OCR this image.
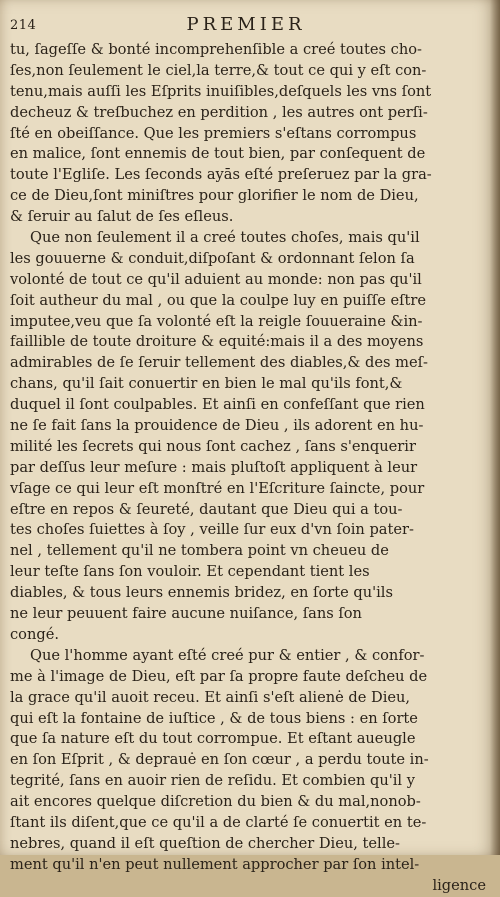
214	PREMIER
tu, ſageſſe & bonté incomprehenſible a creé toutes cho-
ſes,non ſeulement le ciel,la terre,& tout ce qui y eſt con-
tenu,mais auſſi les Eſprits inuiſibles,deſquels les vns ſont
decheuz & treſbuchez en perdition , les autres ont perſi-
ſté en obeiſſance. Que les premiers s'eſtans corrompus
en malice, ſont ennemis de tout bien, par conſequent de
toute l'Egliſe. Les ſeconds ayās eſté preſeruez par la gra-
ce de Dieu,ſont miniſtres pour glorifier le nom de Dieu,
& ſeruir au ſalut de ſes eſleus.
Que non ſeulement il a creé toutes choſes, mais qu'il
les gouuerne & conduit,diſpoſant & ordonnant ſelon ſa
volonté de tout ce qu'il aduient au monde: non pas qu'il
ſoit autheur du mal , ou que la coulpe luy en puiſſe eſtre
imputee,veu que ſa volonté eſt la reigle ſouueraine &in-
faillible de toute droiture & equité:mais il a des moyens
admirables de ſe ſeruir tellement des diables,& des meſ-
chans, qu'il ſait conuertir en bien le mal qu'ils font,&
duquel il ſont coulpables. Et ainſi en confeſſant que rien
ne ſe fait ſans la prouidence de Dieu , ils adorent en hu-
milité les ſecrets qui nous ſont cachez , ſans s'enquerir
par deſſus leur meſure : mais pluſtoſt appliquent à leur
vſage ce qui leur eſt monſtré en l'Eſcriture ſaincte, pour
eſtre en repos & ſeureté, dautant que Dieu qui a tou-
tes choſes ſuiettes à ſoy , veille ſur eux d'vn ſoin pater-
nel , tellement qu'il ne tombera point vn cheueu de
leur teſte ſans ſon vouloir. Et cependant tient les
diables, & tous leurs ennemis bridez, en ſorte qu'ils
ne leur peuuent faire aucune nuiſance, ſans ſon
congé.
Que l'homme ayant eſté creé pur & entier , & confor-
me à l'image de Dieu, eſt par ſa propre faute deſcheu de
la grace qu'il auoit receu. Et ainſi s'eſt alienė de Dieu,
qui eſt la fontaine de iuſtice , & de tous biens : en ſorte
que ſa nature eſt du tout corrompue. Et eſtant aueugle
en ſon Eſprit , & deprauė en ſon cœur , a perdu toute in-
tegrité, ſans en auoir rien de reſidu. Et combien qu'il y
ait encores quelque diſcretion du bien & du mal,nonob-
ſtant ils diſent,que ce qu'il a de clarté ſe conuertit en te-
nebres, quand il eſt queſtion de chercher Dieu, telle-
ment qu'il n'en peut nullement approcher par ſon intel-
ligence
